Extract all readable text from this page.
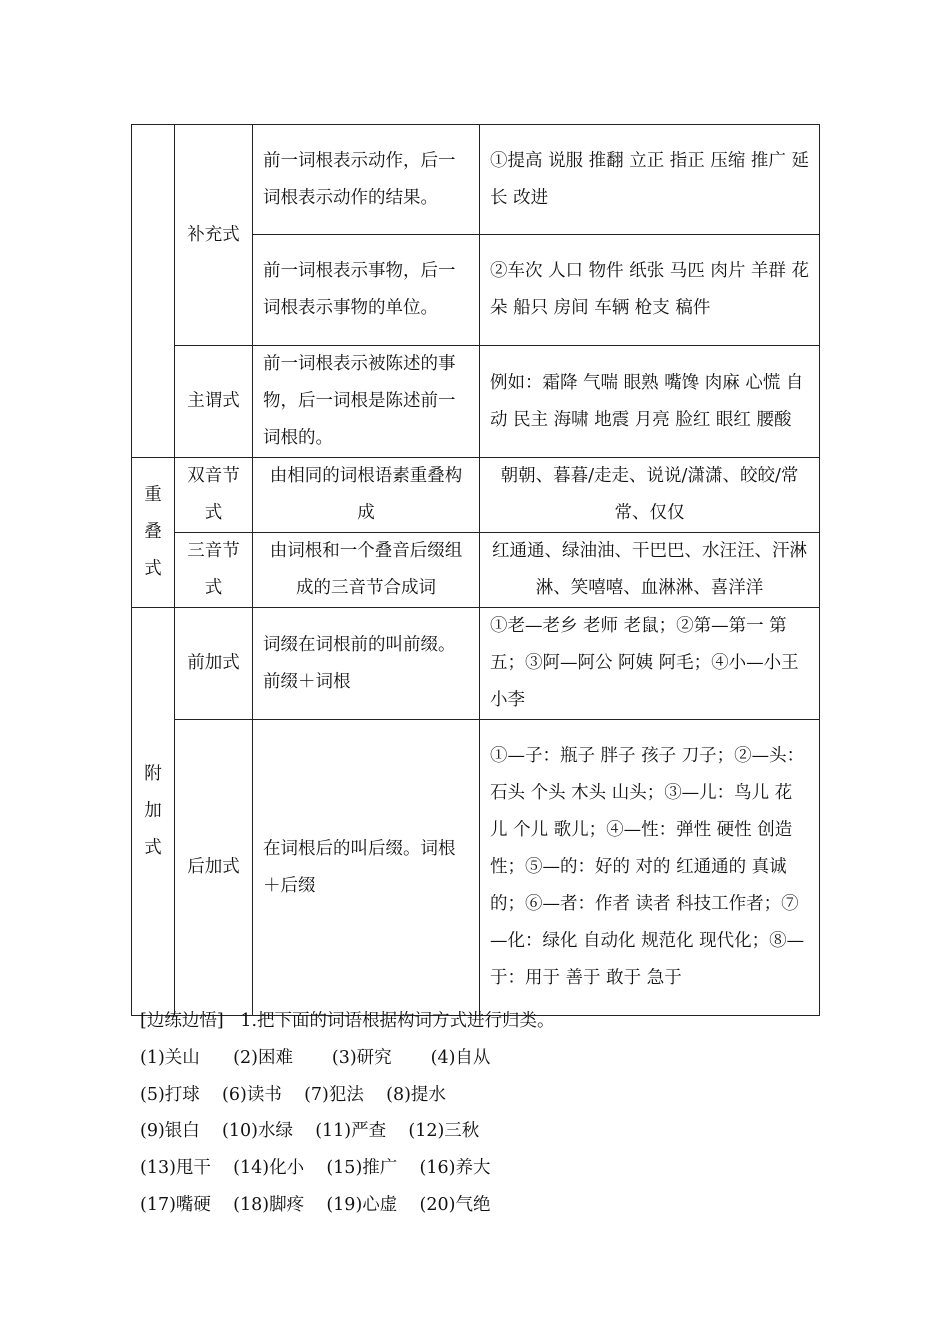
	补充式	前一词根表示动作，后一词根表示动作的结果。	①提高 说服 推翻 立正 指正 压缩 推广 延长 改进
		前一词根表示事物，后一词根表示事物的单位。	②车次 人口 物件 纸张 马匹 肉片 羊群 花朵 船只 房间 车辆 枪支 稿件
	主谓式	前一词根表示被陈述的事物，后一词根是陈述前一词根的。	例如：霜降 气喘 眼熟 嘴馋 肉麻 心慌 自动 民主 海啸 地震 月亮 脸红 眼红 腰酸
重叠式	双音节式	由相同的词根语素重叠构成	朝朝、暮暮/走走、说说/潇潇、皎皎/常常、仅仅
	三音节式	由词根和一个叠音后缀组成的三音节合成词	红通通、绿油油、干巴巴、水汪汪、汗淋淋、笑嘻嘻、血淋淋、喜洋洋
附加式	前加式	词缀在词根前的叫前缀。前缀＋词根	①老—老乡 老师 老鼠；②第—第一 第五；③阿—阿公 阿姨 阿毛；④小—小王 小李
	后加式	在词根后的叫后缀。词根＋后缀	①—子：瓶子 胖子 孩子 刀子；②—头：石头 个头 木头 山头；③—儿：鸟儿 花儿 个儿 歌儿；④—性：弹性 硬性 创造性；⑤—的：好的 对的 红通通的 真诚的；⑥—者：作者 读者 科技工作者；⑦—化：绿化 自动化 规范化 现代化；⑧—于：用于 善于 敢于 急于
[边练边悟] 1.把下面的词语根据构词方式进行归类。
(1)关山      (2)困难       (3)研究       (4)自从
(5)打球    (6)读书    (7)犯法    (8)提水
(9)银白    (10)水绿    (11)严查    (12)三秋
(13)甩干    (14)化小    (15)推广    (16)养大
(17)嘴硬    (18)脚疼    (19)心虚    (20)气绝
